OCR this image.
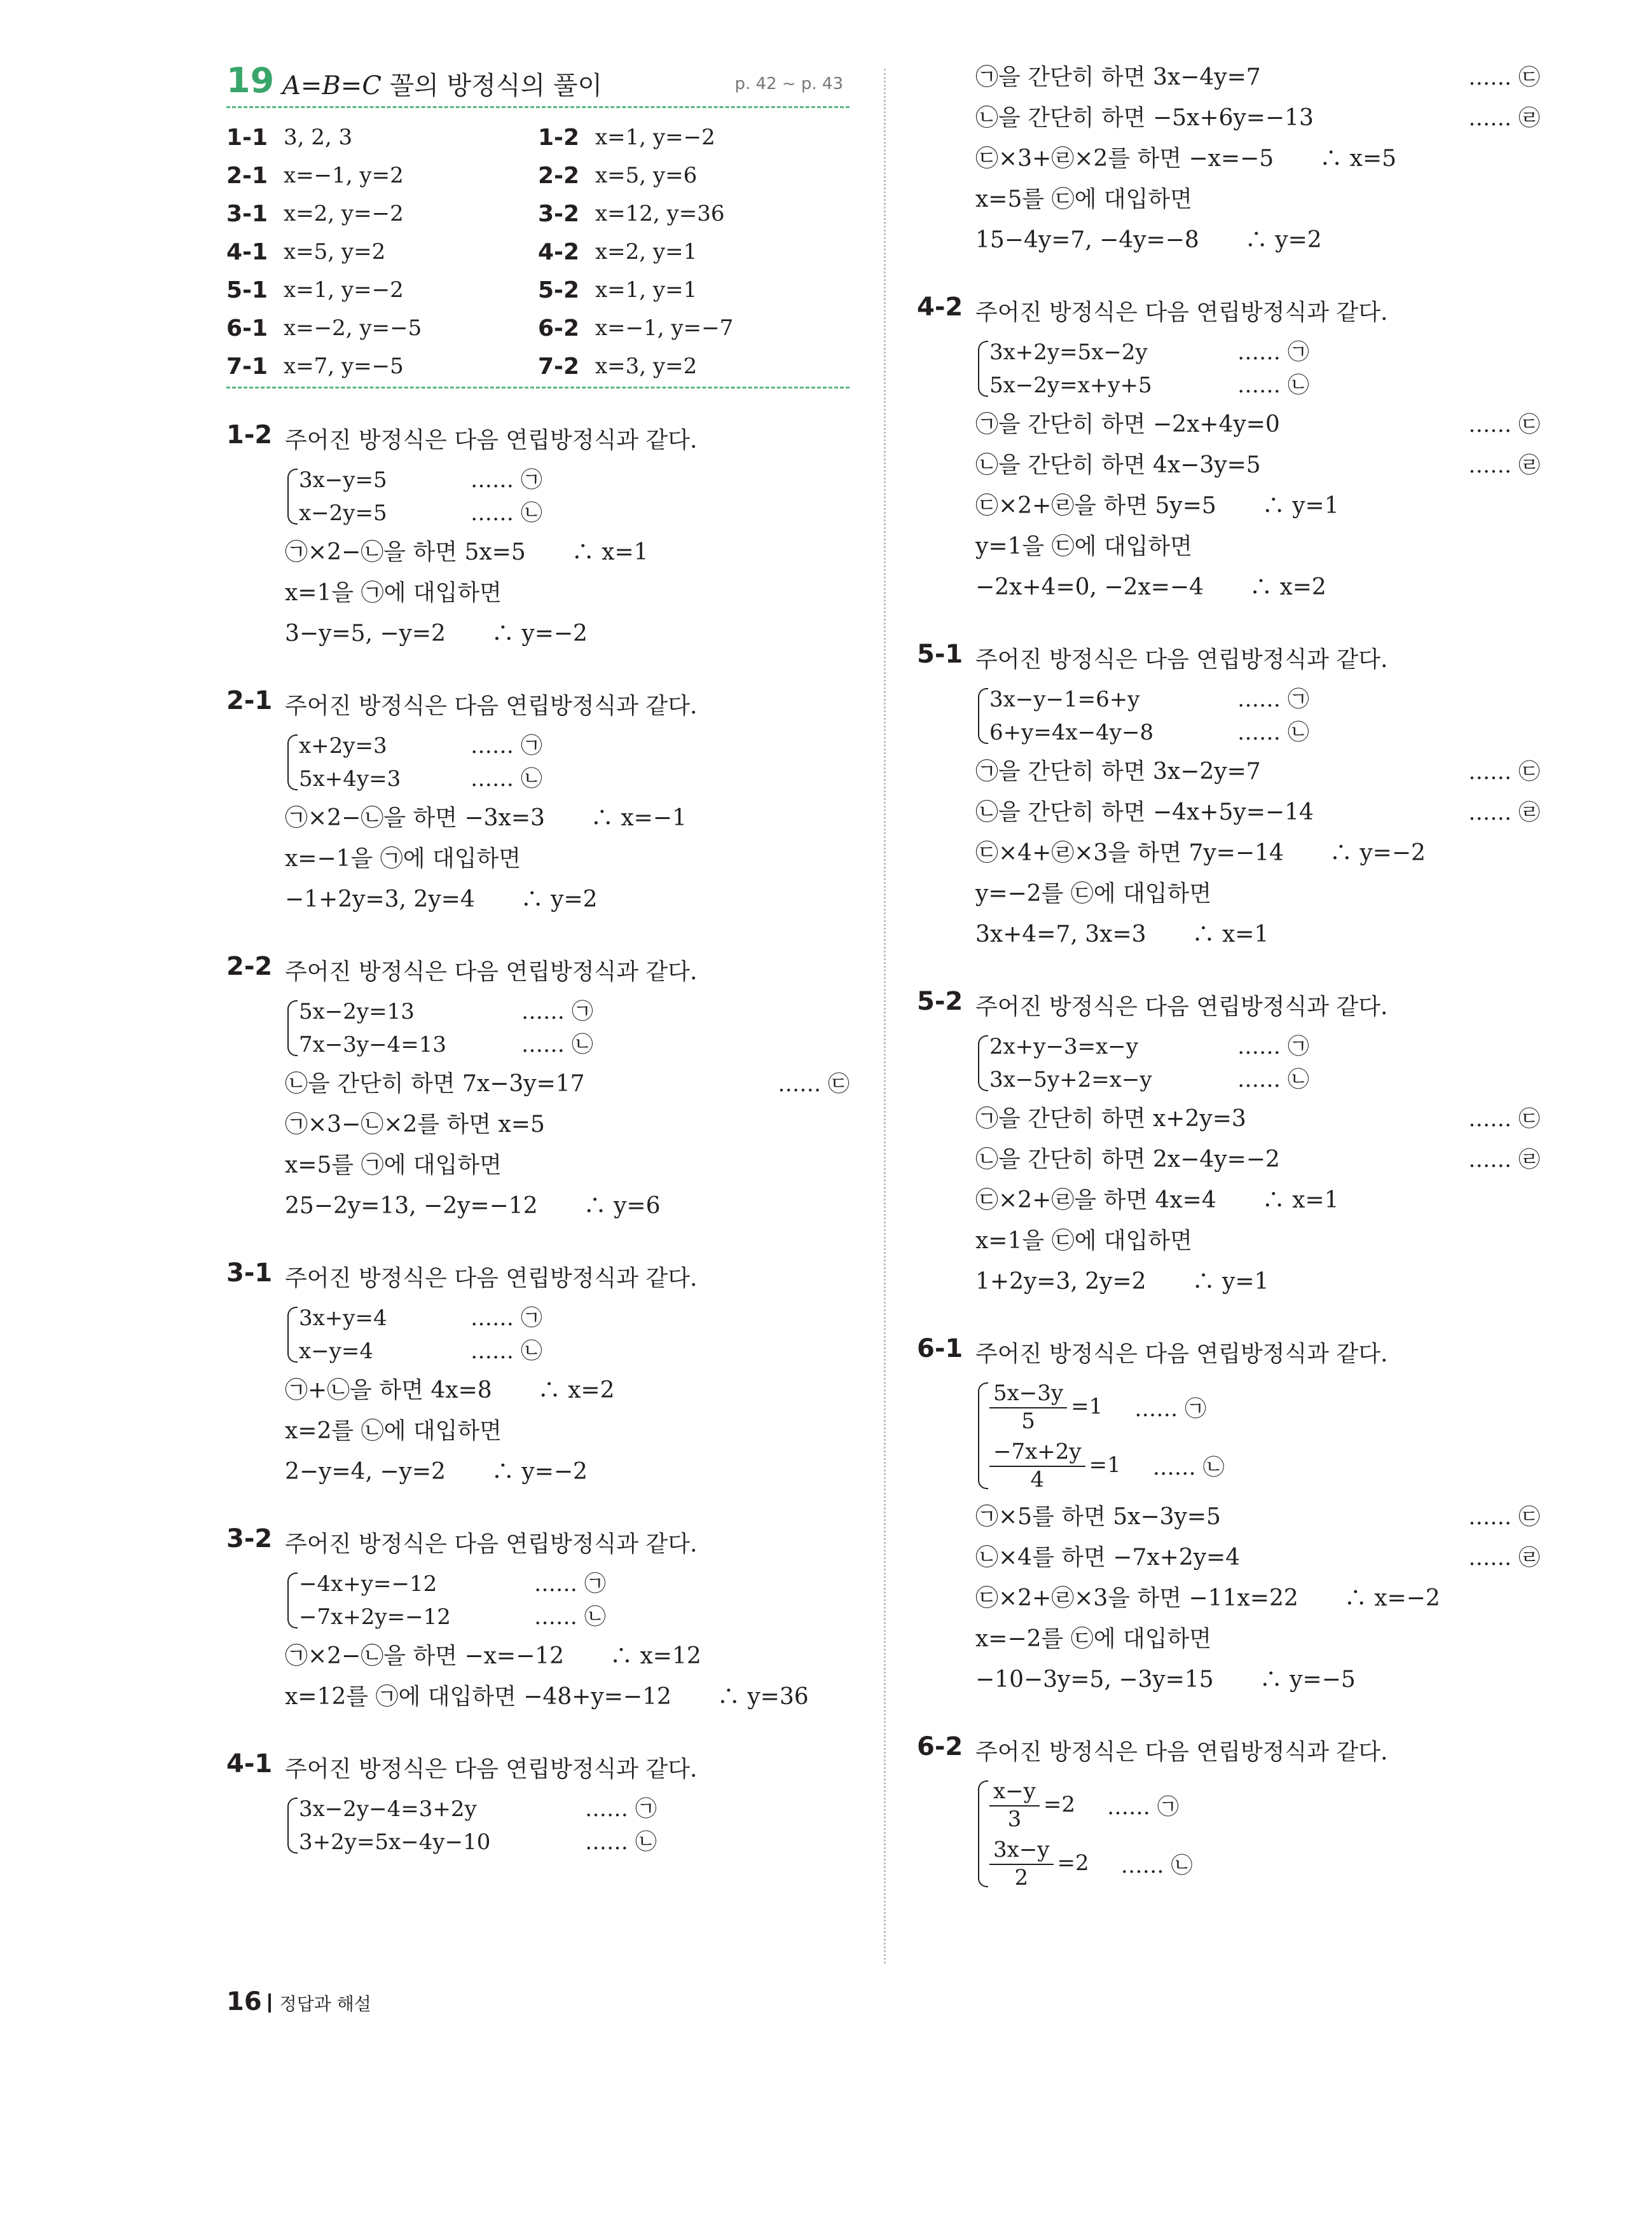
19 A=B=C 꼴의 방정식의 풀이	p. 42 ~ p. 43
1-1	3, 2, 3	1-2	x=1, y=−2
2-1	x=−1, y=2	2-2	x=5, y=6
3-1	x=2, y=−2	3-2	x=12, y=36
4-1	x=5, y=2	4-2	x=2, y=1
5-1	x=1, y=−2	5-2	x=1, y=1
6-1	x=−2, y=−5	6-2	x=−1, y=−7
7-1	x=7, y=−5	7-2	x=3, y=2
1-2 주어진 방정식은 다음 연립방정식과 같다.
3x−y=5	…… ㉠
x−2y=5	…… ㉡
㉠×2−㉡을 하면 5x=5　　∴ x=1
x=1을 ㉠에 대입하면
3−y=5, −y=2　　∴ y=−2
2-1 주어진 방정식은 다음 연립방정식과 같다.
x+2y=3	…… ㉠
5x+4y=3	…… ㉡
㉠×2−㉡을 하면 −3x=3　　∴ x=−1
x=−1을 ㉠에 대입하면
−1+2y=3, 2y=4　　∴ y=2
2-2 주어진 방정식은 다음 연립방정식과 같다.
5x−2y=13	…… ㉠
7x−3y−4=13	…… ㉡
㉡을 간단히 하면 7x−3y=17	…… ㉢
㉠×3−㉡×2를 하면 x=5
x=5를 ㉠에 대입하면
25−2y=13, −2y=−12　　∴ y=6
3-1 주어진 방정식은 다음 연립방정식과 같다.
3x+y=4	…… ㉠
x−y=4	…… ㉡
㉠+㉡을 하면 4x=8　　∴ x=2
x=2를 ㉡에 대입하면
2−y=4, −y=2　　∴ y=−2
3-2 주어진 방정식은 다음 연립방정식과 같다.
−4x+y=−12	…… ㉠
−7x+2y=−12	…… ㉡
㉠×2−㉡을 하면 −x=−12　　∴ x=12
x=12를 ㉠에 대입하면 −48+y=−12　　∴ y=36
4-1 주어진 방정식은 다음 연립방정식과 같다.
3x−2y−4=3+2y	…… ㉠
3+2y=5x−4y−10	…… ㉡
㉠을 간단히 하면 3x−4y=7	…… ㉢
㉡을 간단히 하면 −5x+6y=−13	…… ㉣
㉢×3+㉣×2를 하면 −x=−5　　∴ x=5
x=5를 ㉢에 대입하면
15−4y=7, −4y=−8　　∴ y=2
4-2 주어진 방정식은 다음 연립방정식과 같다.
3x+2y=5x−2y	…… ㉠
5x−2y=x+y+5	…… ㉡
㉠을 간단히 하면 −2x+4y=0	…… ㉢
㉡을 간단히 하면 4x−3y=5	…… ㉣
㉢×2+㉣을 하면 5y=5　　∴ y=1
y=1을 ㉢에 대입하면
−2x+4=0, −2x=−4　　∴ x=2
5-1 주어진 방정식은 다음 연립방정식과 같다.
3x−y−1=6+y	…… ㉠
6+y=4x−4y−8	…… ㉡
㉠을 간단히 하면 3x−2y=7	…… ㉢
㉡을 간단히 하면 −4x+5y=−14	…… ㉣
㉢×4+㉣×3을 하면 7y=−14　　∴ y=−2
y=−2를 ㉢에 대입하면
3x+4=7, 3x=3　　∴ x=1
5-2 주어진 방정식은 다음 연립방정식과 같다.
2x+y−3=x−y	…… ㉠
3x−5y+2=x−y	…… ㉡
㉠을 간단히 하면 x+2y=3	…… ㉢
㉡을 간단히 하면 2x−4y=−2	…… ㉣
㉢×2+㉣을 하면 4x=4　　∴ x=1
x=1을 ㉢에 대입하면
1+2y=3, 2y=2　　∴ y=1
6-1 주어진 방정식은 다음 연립방정식과 같다.
$\frac{5x-3y}{5} =1$ …… ㉠
$\frac{-7x+2y}{4} =1$ …… ㉡
㉠×5를 하면 5x−3y=5	…… ㉢
㉡×4를 하면 −7x+2y=4	…… ㉣
㉢×2+㉣×3을 하면 −11x=22　　∴ x=−2
x=−2를 ㉢에 대입하면
−10−3y=5, −3y=15　　∴ y=−5
6-2 주어진 방정식은 다음 연립방정식과 같다.
$\frac{x-y}{3} =2$ …… ㉠
$\frac{3x-y}{2} =2$ …… ㉡
16 정답과 해설
